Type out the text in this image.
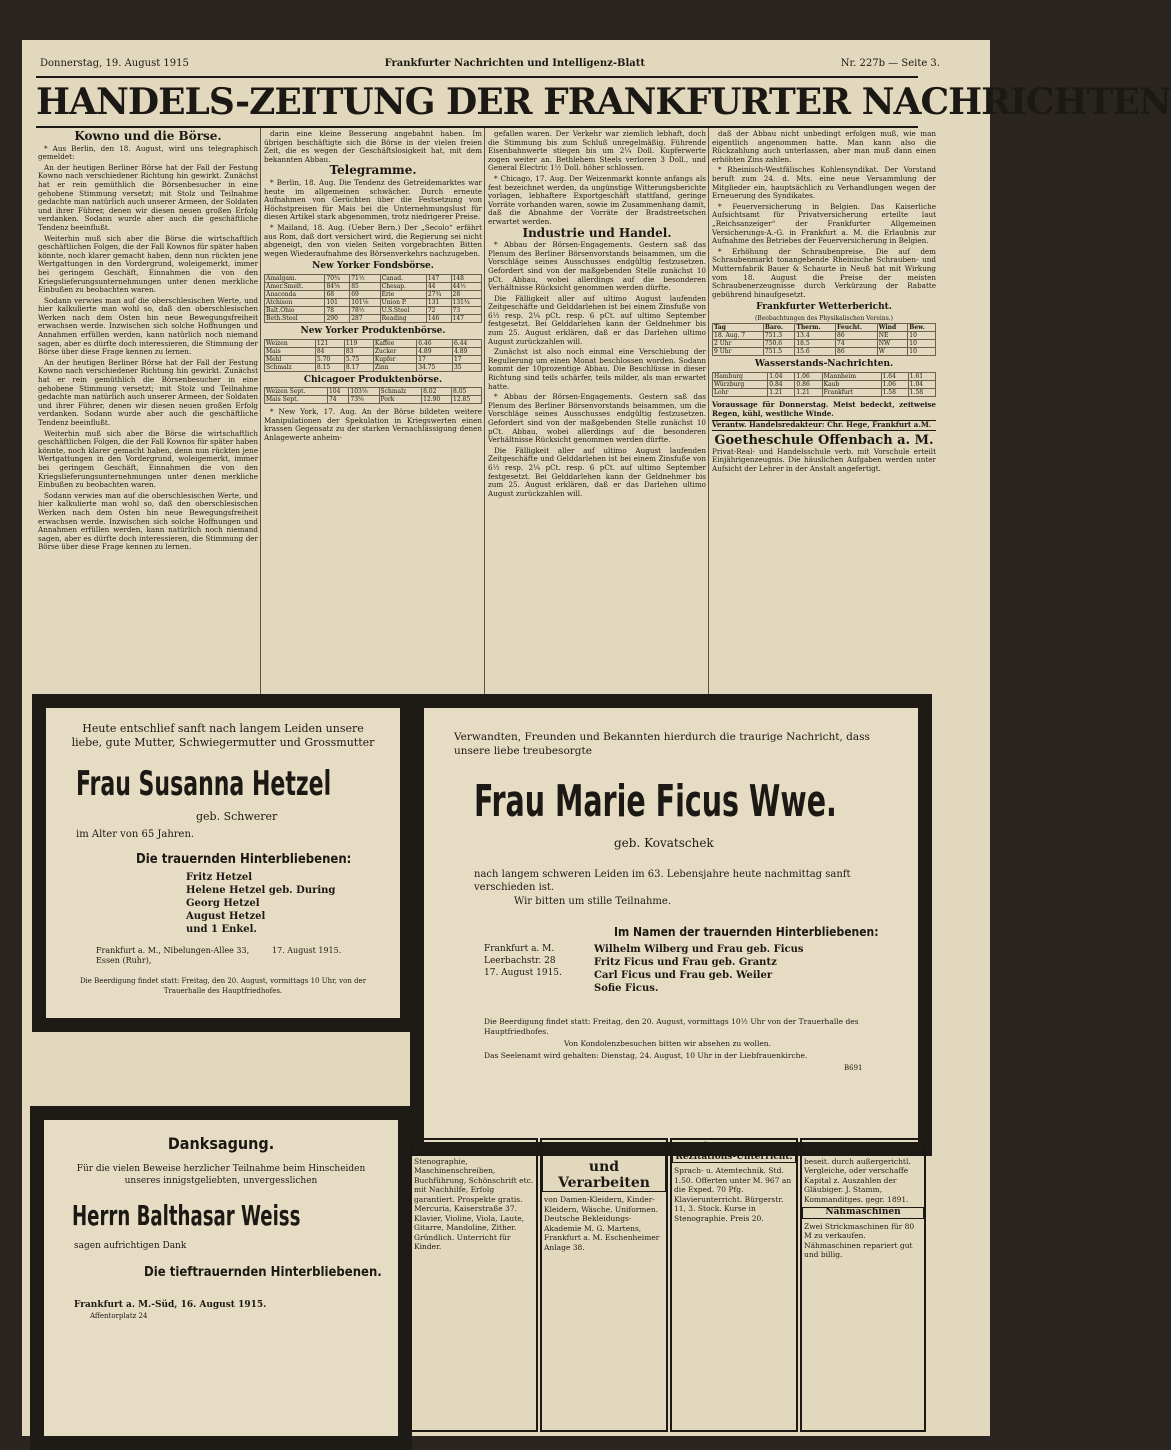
Donnerstag, 19. August 1915	Frankfurter Nachrichten und Intelligenz-Blatt	Nr. 227b — Seite 3.
HANDELS-ZEITUNG DER FRANKFURTER NACHRICHTEN
Kowno und die Börse.

* Aus Berlin, den 18. August, wird uns telegraphisch gemeldet:

An der heutigen Berliner Börse hat der Fall der Festung Kowno nach verschiedener Richtung hin gewirkt. Zunächst hat er rein gemüthlich die Börsenbesucher in eine gehobene Stimmung versetzt; mit Stolz und Teilnahme gedachte man natürlich auch unserer Armeen, der Soldaten und ihrer Führer, denen wir diesen neuen großen Erfolg verdanken. Sodann wurde aber auch die geschäftliche Tendenz beeinflußt.

Weiterhin muß sich aber die Börse die wirtschaftlich geschäftlichen Folgen, die der Fall Kownos für später haben könnte, noch klarer gemacht haben, denn nun rückten jene Wertgattungen in den Vordergrund, woleigemerkt, immer bei geringem Geschäft, Einnahmen die von den Kriegslieferungsunternehmungen unter denen merkliche Einbußen zu beobachten waren.

Sodann verwies man auf die oberschlesischen Werte, und hier kalkulierte man wohl so, daß den oberschlesischen Werken nach dem Osten hin neue Bewegungsfreiheit erwachsen werde. Inzwischen sich solche Hoffnungen und Annahmen erfüllen werden, kann natürlich noch niemand sagen, aber es dürfte doch interessieren, die Stimmung der Börse über diese Frage kennen zu lernen.

An der heutigen Berliner Börse hat der Fall der Festung Kowno nach verschiedener Richtung hin gewirkt. Zunächst hat er rein gemüthlich die Börsenbesucher in eine gehobene Stimmung versetzt; mit Stolz und Teilnahme gedachte man natürlich auch unserer Armeen, der Soldaten und ihrer Führer, denen wir diesen neuen großen Erfolg verdanken. Sodann wurde aber auch die geschäftliche Tendenz beeinflußt.

Weiterhin muß sich aber die Börse die wirtschaftlich geschäftlichen Folgen, die der Fall Kownos für später haben könnte, noch klarer gemacht haben, denn nun rückten jene Wertgattungen in den Vordergrund, woleigemerkt, immer bei geringem Geschäft, Einnahmen die von den Kriegslieferungsunternehmungen unter denen merkliche Einbußen zu beobachten waren.

Sodann verwies man auf die oberschlesischen Werte, und hier kalkulierte man wohl so, daß den oberschlesischen Werken nach dem Osten hin neue Bewegungsfreiheit erwachsen werde. Inzwischen sich solche Hoffnungen und Annahmen erfüllen werden, kann natürlich noch niemand sagen, aber es dürfte doch interessieren, die Stimmung der Börse über diese Frage kennen zu lernen.

darin eine kleine Besserung angebahnt haben. Im übrigen beschäftigte sich die Börse in der vielen freien Zeit, die es wegen der Geschäftslosigkeit hat, mit dem bekannten Abbau.

Telegramme.

* Berlin, 18. Aug. Die Tendenz des Getreidemarktes war heute im allgemeinen schwächer. Durch erneute Aufnahmen von Gerüchten über die Festsetzung von Höchstpreisen für Mais bei die Unternehmungslust für diesen Artikel stark abgenommen, trotz niedrigerer Preise.

* Mailand, 18. Aug. (Ueber Bern.) Der „Secolo“ erfährt aus Rom, daß dort versichert wird, die Regierung sei nicht abgeneigt, den von vielen Seiten vorgebrachten Bitten wegen Wiederaufnahme des Börsenverkehrs nachzugeben.

New Yorker Fondsbörse.
Amalgam.	70¾	71½	Canad.	147	148
Amer.Smelt.	84⅝	85	Chesap.	44	44½
Anaconda	68	69	Erie	27¾	28
Atchison	101	101⅛	Union P.	131	131¾
Balt.Ohio	78	78½	U.S.Steel	72	73
Beth.Steel	290	287	Reading	146	147
New Yorker Produktenbörse.
Weizen	121	119	Kaffee	6.46	6.44
Mais	84	83	Zucker	4.89	4.89
Mehl	5.70	5.75	Kupfer	17	17
Schmalz	8.15	8.17	Zinn	34.75	35
Chicagoer Produktenbörse.
Weizen Sept.	104	103⅛	Schmalz	8.02	8.05
Mais Sept.	74	73⅝	Pork	12.90	12.85

* New York, 17. Aug. An der Börse bildeten weitere Manipulationen der Spekulation in Kriegswerten einen krassen Gegensatz zu der starken Vernachlässigung denen Anlagewerte anheim-

gefallen waren. Der Verkehr war ziemlich lebhaft, doch die Stimmung bis zum Schluß unregelmäßig. Führende Eisenbahnwerte stiegen bis um 2¼ Doll. Kupferwerte zogen weiter an. Bethlehem Steels verloren 3 Doll., und General Electric 1½ Doll. höher schlossen.

* Chicago, 17. Aug. Der Weizenmarkt konnte anfangs als fest bezeichnet werden, da ungünstige Witterungsberichte vorlagen, lebhaftere Exportgeschäft stattfand, geringe Vorräte vorhanden waren, sowie im Zusammenhang damit, daß die Abnahme der Vorräte der Bradstreetschen erwartet werden.

Industrie und Handel.

* Abbau der Börsen-Engagements. Gestern saß das Plenum des Berliner Börsenvorstands beisammen, um die Vorschläge seines Ausschusses endgültig festzusetzen. Gefordert sind von der maßgebenden Stelle zunächst 10 pCt. Abbau, wobei allerdings auf die besonderen Verhältnisse Rücksicht genommen werden dürfte.

Die Fälligkeit aller auf ultimo August laufenden Zeitgeschäfte und Gelddarlehen ist bei einem Zinsfuße von 6½ resp. 2¼ pCt. resp. 6 pCt. auf ultimo September festgesetzt. Bei Gelddarlehen kann der Geldnehmer bis zum 25. August erklären, daß er das Darlehen ultimo August zurückzahlen will.

Zunächst ist also noch einmal eine Verschiebung der Regulierung um einen Monat beschlossen worden. Sodann kommt der 10prozentige Abbau. Die Beschlüsse in dieser Richtung sind teils schärfer, teils milder, als man erwartet hatte.

* Abbau der Börsen-Engagements. Gestern saß das Plenum des Berliner Börsenvorstands beisammen, um die Vorschläge seines Ausschusses endgültig festzusetzen. Gefordert sind von der maßgebenden Stelle zunächst 10 pCt. Abbau, wobei allerdings auf die besonderen Verhältnisse Rücksicht genommen werden dürfte.

Die Fälligkeit aller auf ultimo August laufenden Zeitgeschäfte und Gelddarlehen ist bei einem Zinsfuße von 6½ resp. 2¼ pCt. resp. 6 pCt. auf ultimo September festgesetzt. Bei Gelddarlehen kann der Geldnehmer bis zum 25. August erklären, daß er das Darlehen ultimo August zurückzahlen will.

daß der Abbau nicht unbedingt erfolgen muß, wie man eigentlich angenommen hatte. Man kann also die Rückzahlung auch unterlassen, aber man muß dann einen erhöhten Zins zahlen.

* Rheinisch-Westfälisches Kohlensyndikat. Der Vorstand beruft zum 24. d. Mts. eine neue Versammlung der Mitglieder ein, hauptsächlich zu Verhandlungen wegen der Erneuerung des Syndikates.

* Feuerversicherung in Belgien. Das Kaiserliche Aufsichtsamt für Privatversicherung erteilte laut „Reichsanzeiger“ der Frankfurter Allgemeinen Versicherungs-A.-G. in Frankfurt a. M. die Erlaubnis zur Aufnahme des Betriebes der Feuerversicherung in Belgien.

* Erhöhung der Schraubenpreise. Die auf dem Schraubenmarkt tonangebende Rheinische Schrauben- und Mutternfabrik Bauer & Schaurte in Neuß hat mit Wirkung vom 18. August die Preise der meisten Schraubenerzeugnisse durch Verkürzung der Rabatte gebührend hinaufgesetzt.

Frankfurter Wetterbericht.
(Beobachtungen des Physikalischen Vereins.)
Tag	Baro.	Therm.	Feucht.	Wind	Bew.
18. Aug. 7	751.3	13.4	86	NE	10
2 Uhr	750.6	18.5	74	NW	10
9 Uhr	751.5	15.6	86	W	10
Wasserstands-Nachrichten.
Hamburg	1.04	1.06	Mannheim	1.64	1.61
Würzburg	0.84	0.86	Kaub	1.06	1.04
Lohr	1.21	1.21	Frankfurt	1.58	1.58

Voraussage für Donnerstag. Meist bedeckt, zeitweise Regen, kühl, westliche Winde.

Verantw. Handelsredakteur: Chr. Hege, Frankfurt a.M.

Goetheschule Offenbach a. M.

Privat-Real- und Handelsschule verb. mit Vorschule erteilt Einjährigenzeugnis. Die häuslichen Aufgaben werden unter Aufsicht der Lehrer in der Anstalt angefertigt.

Heute entschlief sanft nach langem Leiden unsere liebe, gute Mutter, Schwiegermutter und Grossmutter
Frau Susanna Hetzel
geb. Schwerer
im Alter von 65 Jahren.
Die trauernden Hinterbliebenen:
Fritz Hetzel
Helene Hetzel geb. During
Georg Hetzel
August Hetzel
und 1 Enkel.
Frankfurt a. M., Nibelungen-Allee 33, Essen (Ruhr),
17. August 1915.
Die Beerdigung findet statt: Freitag, den 20. August, vormittags 10 Uhr, von der Trauerhalle des Hauptfriedhofes.
Danksagung.
Für die vielen Beweise herzlicher Teilnahme beim Hinscheiden unseres innigstgeliebten, unvergesslichen
Herrn Balthasar Weiss
sagen aufrichtigen Dank
Die tieftrauernden Hinterbliebenen.
Frankfurt a. M.-Süd, 16. August 1915.
Affentorplatz 24
Verwandten, Freunden und Bekannten hierdurch die traurige Nachricht, dass unsere liebe treubesorgte
Frau Marie Ficus Wwe.
geb. Kovatschek
nach langem schweren Leiden im 63. Lebensjahre heute nachmittag sanft verschieden ist.
Wir bitten um stille Teilnahme.
Im Namen der trauernden Hinterbliebenen:
Frankfurt a. M. Leerbachstr. 28
17. August 1915.
Wilhelm Wilberg und Frau geb. Ficus
Fritz Ficus und Frau geb. Grantz
Carl Ficus und Frau geb. Weiler
Sofie Ficus.
Die Beerdigung findet statt: Freitag, den 20. August, vormittags 10½ Uhr von der Trauerhalle des Hauptfriedhofes.
Von Kondolenzbesuchen bitten wir absehen zu wollen.
Das Seelenamt wird gehalten: Dienstag, 24. August, 10 Uhr in der Liebfrauenkirche.
B691
Unterricht

Stenographie, Maschinenschreiben, Buchführung, Schönschrift etc. mit Nachhilfe, Erfolg garantiert. Prospekte gratis. Mercuria, Kaiserstraße 37. Klavier, Violine, Viola, Laute, Gitarre, Mandoline, Zither. Gründlich. Unterricht für Kinder.

Zuschneiden und Verarbeiten

von Damen-Kleidern, Kinder-Kleidern, Wäsche, Uniformen. Deutsche Bekleidungs-Akademie M. G. Martens, Frankfurt a. M. Eschenheimer Anlage 38.

Künstler erteilt Rezitations-Unterricht.

Sprach- u. Atemtechnik. Std. 1.50. Offerten unter M. 967 an die Exped. 70 Pfg. Klavierunterricht. Bürgerstr. 11, 3. Stock. Kurse in Stenographie. Preis 20.

Zahlungsstockung

beseit. durch außergerichtl. Vergleiche, oder verschaffe Kapital z. Auszahlen der Gläubiger. J. Stamm, Kommanditges. gegr. 1891.

Nähmaschinen

Zwei Strickmaschinen für 80 M zu verkaufen. Nähmaschinen repariert gut und billig.
